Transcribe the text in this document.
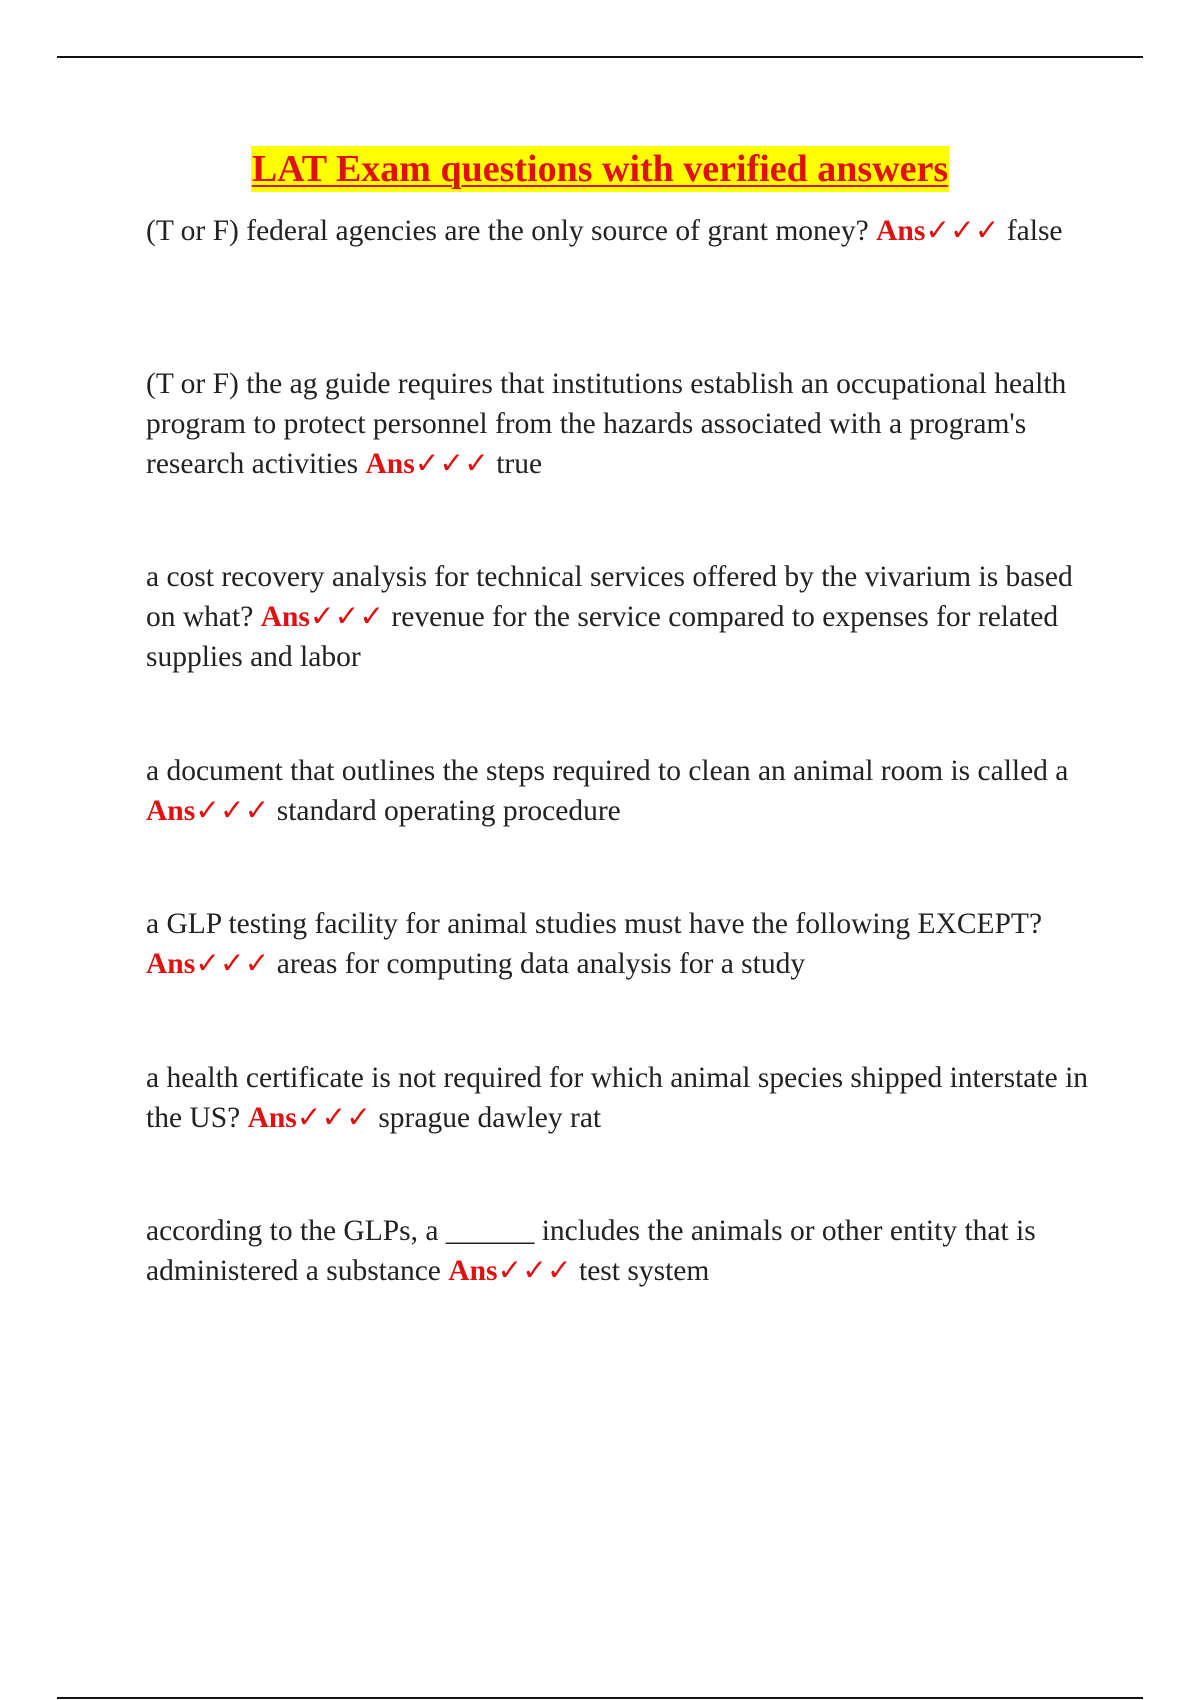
LAT Exam questions with verified answers

(T or F) federal agencies are the only source of grant money? Ans✓✓✓ false

(T or F) the ag guide requires that institutions establish an occupational health program to protect personnel from the hazards associated with a program's research activities Ans✓✓✓ true

a cost recovery analysis for technical services offered by the vivarium is based on what? Ans✓✓✓ revenue for the service compared to expenses for related supplies and labor

a document that outlines the steps required to clean an animal room is called a Ans✓✓✓ standard operating procedure

a GLP testing facility for animal studies must have the following EXCEPT? Ans✓✓✓ areas for computing data analysis for a study

a health certificate is not required for which animal species shipped interstate in the US? Ans✓✓✓ sprague dawley rat

according to the GLPs, a ______ includes the animals or other entity that is administered a substance Ans✓✓✓ test system
